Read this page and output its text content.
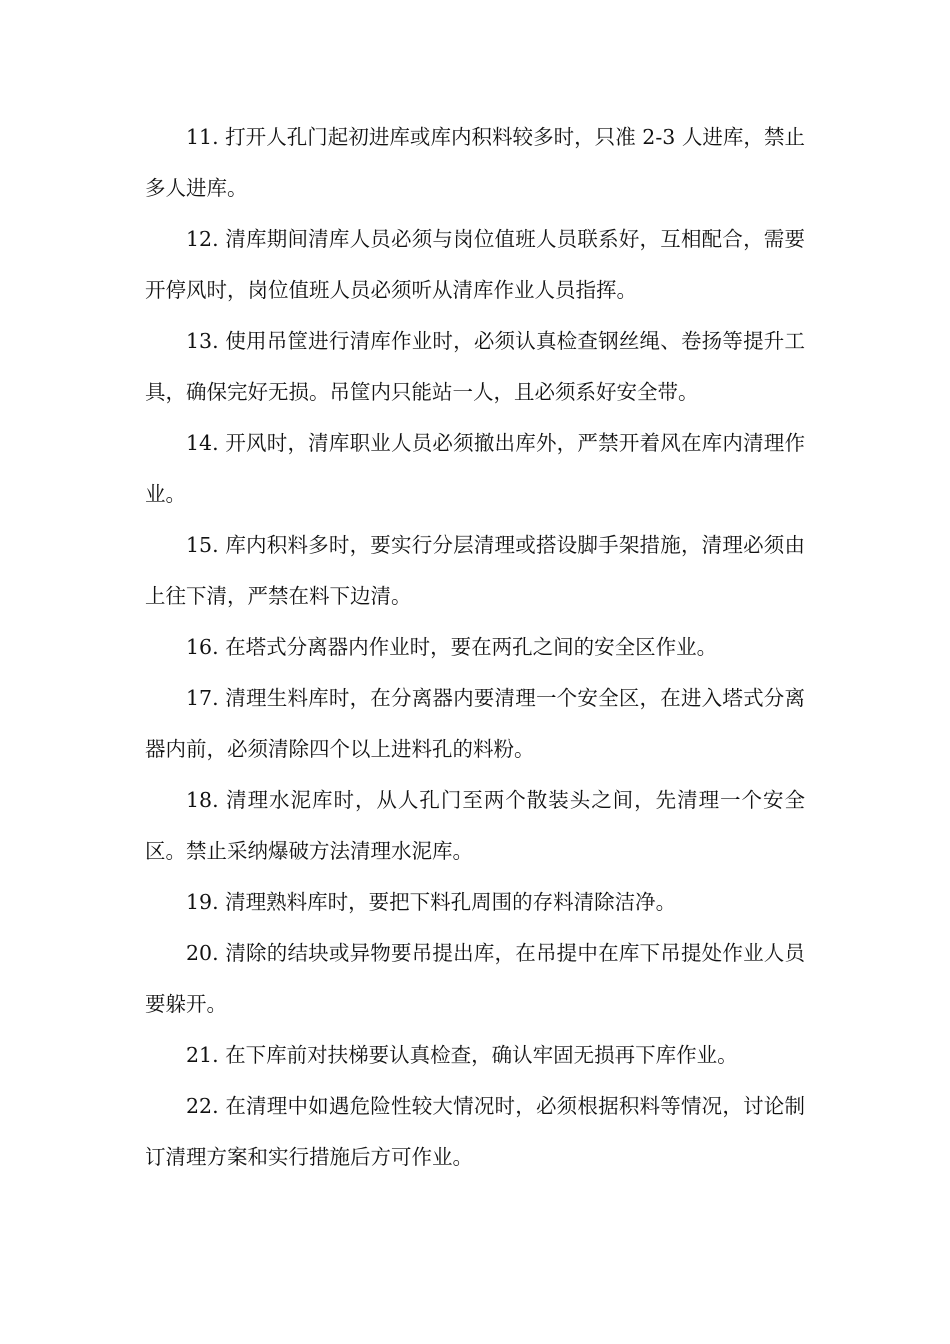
11. 打开人孔门起初进库或库内积料较多时，只准 2-3 人进库，禁止多人进库。

12. 清库期间清库人员必须与岗位值班人员联系好，互相配合，需要开停风时，岗位值班人员必须听从清库作业人员指挥。

13. 使用吊筐进行清库作业时，必须认真检查钢丝绳、卷扬等提升工具，确保完好无损。吊筐内只能站一人，且必须系好安全带。

14. 开风时，清库职业人员必须撤出库外，严禁开着风在库内清理作业。

15. 库内积料多时，要实行分层清理或搭设脚手架措施，清理必须由上往下清，严禁在料下边清。

16. 在塔式分离器内作业时，要在两孔之间的安全区作业。

17. 清理生料库时，在分离器内要清理一个安全区，在进入塔式分离器内前，必须清除四个以上进料孔的料粉。

18. 清理水泥库时，从人孔门至两个散装头之间，先清理一个安全区。禁止采纳爆破方法清理水泥库。

19. 清理熟料库时，要把下料孔周围的存料清除洁净。

20. 清除的结块或异物要吊提出库，在吊提中在库下吊提处作业人员要躲开。

21. 在下库前对扶梯要认真检查，确认牢固无损再下库作业。

22. 在清理中如遇危险性较大情况时，必须根据积料等情况，讨论制订清理方案和实行措施后方可作业。
